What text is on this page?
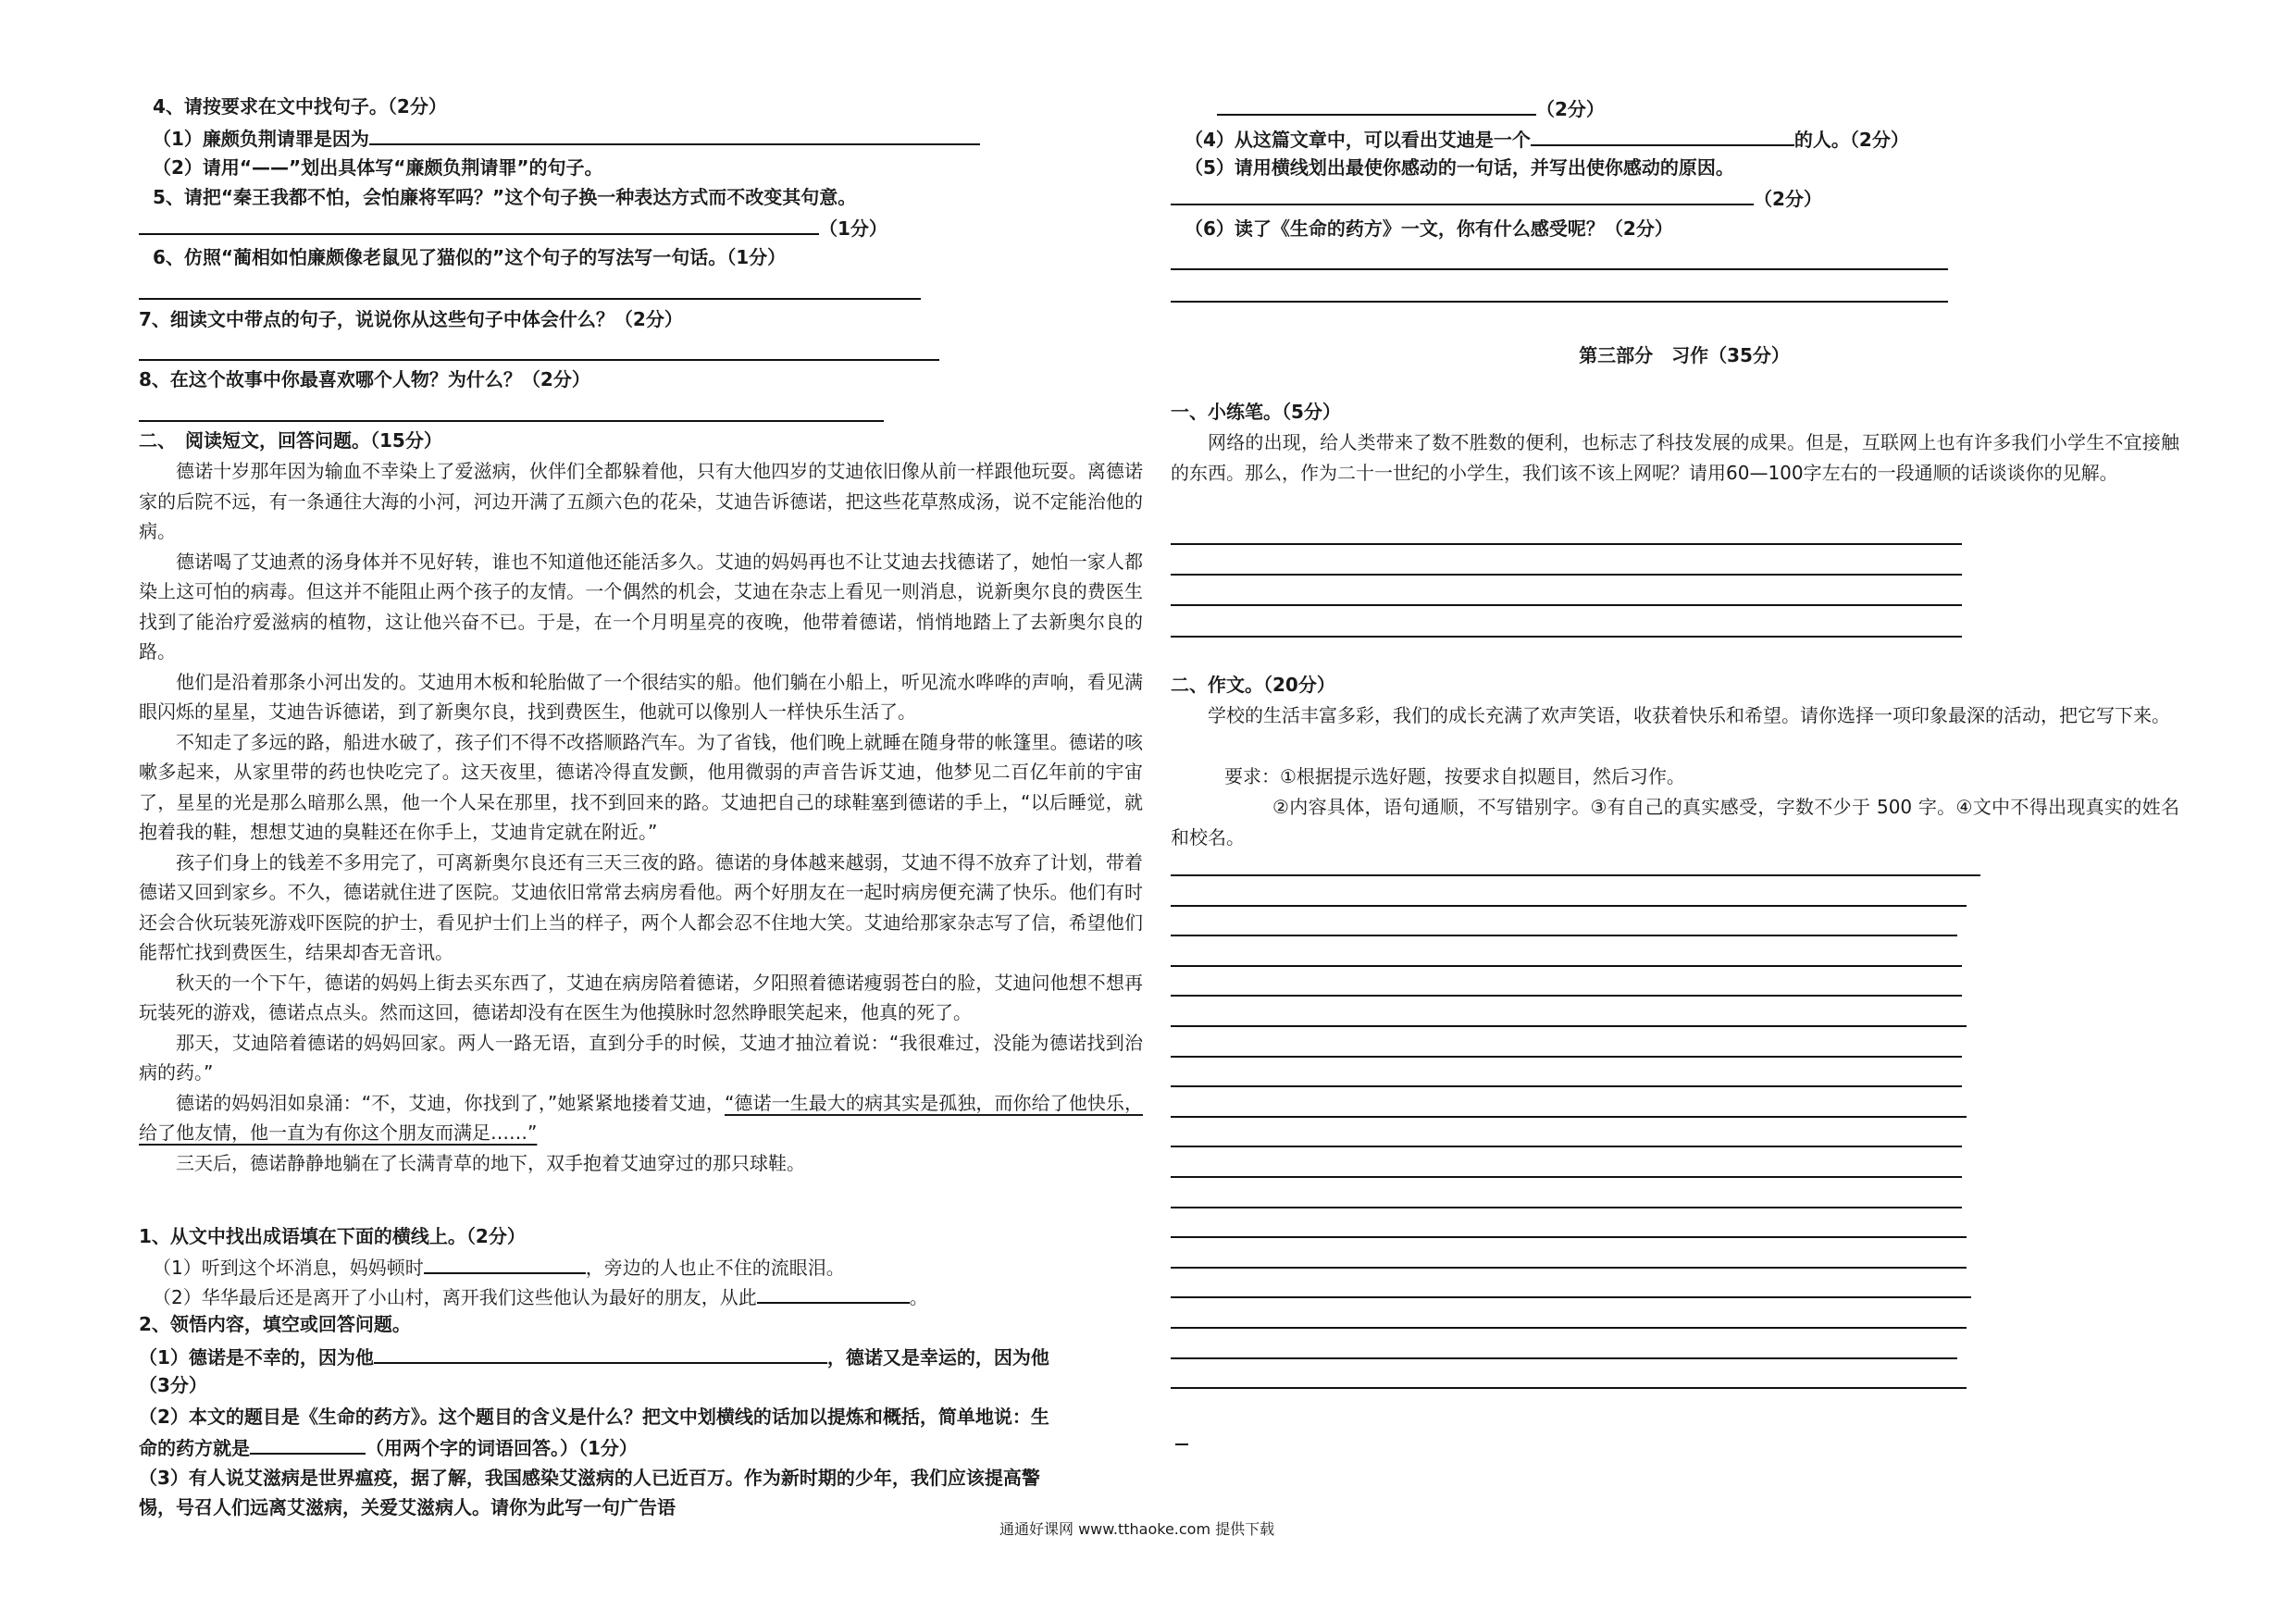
4、请按要求在文中找句子。（2分）
（1）廉颇负荆请罪是因为
（2）请用“——”划出具体写“廉颇负荆请罪”的句子。
5、请把“秦王我都不怕，会怕廉将军吗？”这个句子换一种表达方式而不改变其句意。
（1分）
6、仿照“蔺相如怕廉颇像老鼠见了猫似的”这个句子的写法写一句话。（1分）
7、细读文中带点的句子，说说你从这些句子中体会什么？（2分）
8、在这个故事中你最喜欢哪个人物？为什么？（2分）
二、　阅读短文，回答问题。（15分）

德诺十岁那年因为输血不幸染上了爱滋病，伙伴们全都躲着他，只有大他四岁的艾迪依旧像从前一样跟他玩耍。离德诺家的后院不远，有一条通往大海的小河，河边开满了五颜六色的花朵，艾迪告诉德诺，把这些花草熬成汤，说不定能治他的病。

德诺喝了艾迪煮的汤身体并不见好转，谁也不知道他还能活多久。艾迪的妈妈再也不让艾迪去找德诺了，她怕一家人都染上这可怕的病毒。但这并不能阻止两个孩子的友情。一个偶然的机会，艾迪在杂志上看见一则消息，说新奥尔良的费医生找到了能治疗爱滋病的植物，这让他兴奋不已。于是，在一个月明星亮的夜晚，他带着德诺，悄悄地踏上了去新奥尔良的路。

他们是沿着那条小河出发的。艾迪用木板和轮胎做了一个很结实的船。他们躺在小船上，听见流水哗哗的声响，看见满眼闪烁的星星，艾迪告诉德诺，到了新奥尔良，找到费医生，他就可以像别人一样快乐生活了。

不知走了多远的路，船进水破了，孩子们不得不改搭顺路汽车。为了省钱，他们晚上就睡在随身带的帐篷里。德诺的咳嗽多起来，从家里带的药也快吃完了。这天夜里，德诺冷得直发颤，他用微弱的声音告诉艾迪，他梦见二百亿年前的宇宙了，星星的光是那么暗那么黑，他一个人呆在那里，找不到回来的路。艾迪把自己的球鞋塞到德诺的手上，“以后睡觉，就抱着我的鞋，想想艾迪的臭鞋还在你手上，艾迪肯定就在附近。”

孩子们身上的钱差不多用完了，可离新奥尔良还有三天三夜的路。德诺的身体越来越弱，艾迪不得不放弃了计划，带着德诺又回到家乡。不久，德诺就住进了医院。艾迪依旧常常去病房看他。两个好朋友在一起时病房便充满了快乐。他们有时还会合伙玩装死游戏吓医院的护士，看见护士们上当的样子，两个人都会忍不住地大笑。艾迪给那家杂志写了信，希望他们能帮忙找到费医生，结果却杳无音讯。

秋天的一个下午，德诺的妈妈上街去买东西了，艾迪在病房陪着德诺，夕阳照着德诺瘦弱苍白的脸，艾迪问他想不想再玩装死的游戏，德诺点点头。然而这回，德诺却没有在医生为他摸脉时忽然睁眼笑起来，他真的死了。

那天，艾迪陪着德诺的妈妈回家。两人一路无语，直到分手的时候，艾迪才抽泣着说：“我很难过，没能为德诺找到治病的药。”

德诺的妈妈泪如泉涌：“不，艾迪，你找到了，”她紧紧地搂着艾迪，“德诺一生最大的病其实是孤独，而你给了他快乐，给了他友情，他一直为有你这个朋友而满足……”

三天后，德诺静静地躺在了长满青草的地下，双手抱着艾迪穿过的那只球鞋。

1、从文中找出成语填在下面的横线上。（2分）
（1）听到这个坏消息，妈妈顿时	，旁边的人也止不住的流眼泪。
（2）华华最后还是离开了小山村，离开我们这些他认为最好的朋友，从此	。
2、领悟内容，填空或回答问题。
（1）德诺是不幸的，因为他	，德诺又是幸运的，因为他
（3分）
（2）本文的题目是《生命的药方》。这个题目的含义是什么？把文中划横线的话加以提炼和概括，简单地说：生
命的药方就是	（用两个字的词语回答。）（1分）
（3）有人说艾滋病是世界瘟疫，据了解，我国感染艾滋病的人已近百万。作为新时期的少年，我们应该提高警
惕，号召人们远离艾滋病，关爱艾滋病人。请你为此写一句广告语
（2分）
（4）从这篇文章中，可以看出艾迪是一个	的人。（2分）
（5）请用横线划出最使你感动的一句话，并写出使你感动的原因。
（2分）
（6）读了《生命的药方》一文，你有什么感受呢？（2分）
第三部分　习作（35分）
一、小练笔。（5分）
网络的出现，给人类带来了数不胜数的便利，也标志了科技发展的成果。但是，互联网上也有许多我们小学生不宜接触的东西。那么，作为二十一世纪的小学生，我们该不该上网呢？请用60—100字左右的一段通顺的话谈谈你的见解。
二、作文。（20分）
学校的生活丰富多彩，我们的成长充满了欢声笑语，收获着快乐和希望。请你选择一项印象最深的活动，把它写下来。
要求：①根据提示选好题，按要求自拟题目，然后习作。
②内容具体，语句通顺，不写错别字。③有自己的真实感受，字数不少于 500 字。④文中不得出现真实的姓名和校名。
通通好课网 www.tthaoke.com 提供下载
